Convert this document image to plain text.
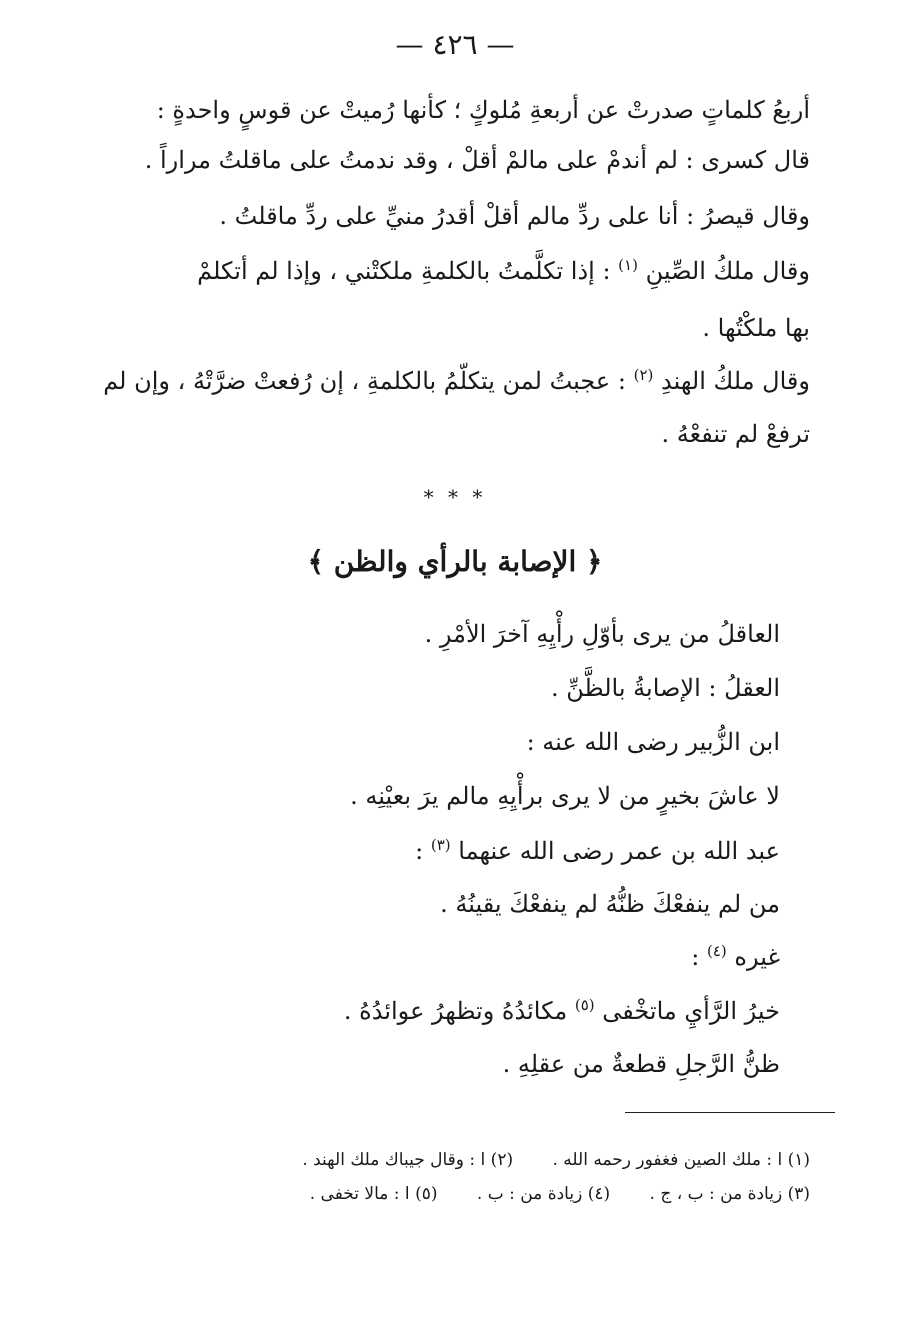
— ٤٢٦ —
أربعُ كلماتٍ صدرتْ عن أربعةِ مُلوكٍ ؛ كأنها رُميتْ عن قوسٍ واحدةٍ :
قال كسرى : لم أندمْ على مالمْ أقلْ ، وقد ندمتُ على ماقلتُ مراراً .
وقال قيصرُ : أنا على ردِّ مالم أقلْ أقدرُ منيِّ على ردِّ ماقلتُ .
وقال ملكُ الصِّينِ $^{(١)}$ : إذا تكلَّمتُ بالكلمةِ ملكتْني ، وإذا لم أتكلمْ
بها ملكْتُها .
وقال ملكُ الهندِ $^{(٢)}$ : عجبتُ لمن يتكلّمُ بالكلمةِ ، إن رُفعتْ ضرَّتْهُ ، وإن لم
ترفعْ لم تنفعْهُ .
* * *
﴿ الإصابة بالرأي والظن ﴾
العاقلُ من يرى بأوّلِ رأْيِهِ آخرَ الأمْرِ .
العقلُ : الإصابةُ بالظَّنِّ .
ابن الزُّبير رضى الله عنه :
لا عاشَ بخيرٍ من لا يرى برأْيِهِ مالم يرَ بعيْنِه .
عبد الله بن عمر رضى الله عنهما $^{(٣)}$ :
من لم ينفعْكَ ظنُّهُ لم ينفعْكَ يقينُهُ .
غيره $^{(٤)}$ :
خيرُ الرَّأيِ ماتخْفى $^{(٥)}$ مكائدُهُ وتظهرُ عوائدُهُ .
ظنُّ الرَّجلِ قطعةٌ من عقلِهِ .
(١) ا : ملك الصين فغفور رحمه الله . (٢) ا : وقال جيباك ملك الهند .
(٣) زيادة من : ب ، ج . (٤) زيادة من : ب . (٥) ا : مالا تخفى .
